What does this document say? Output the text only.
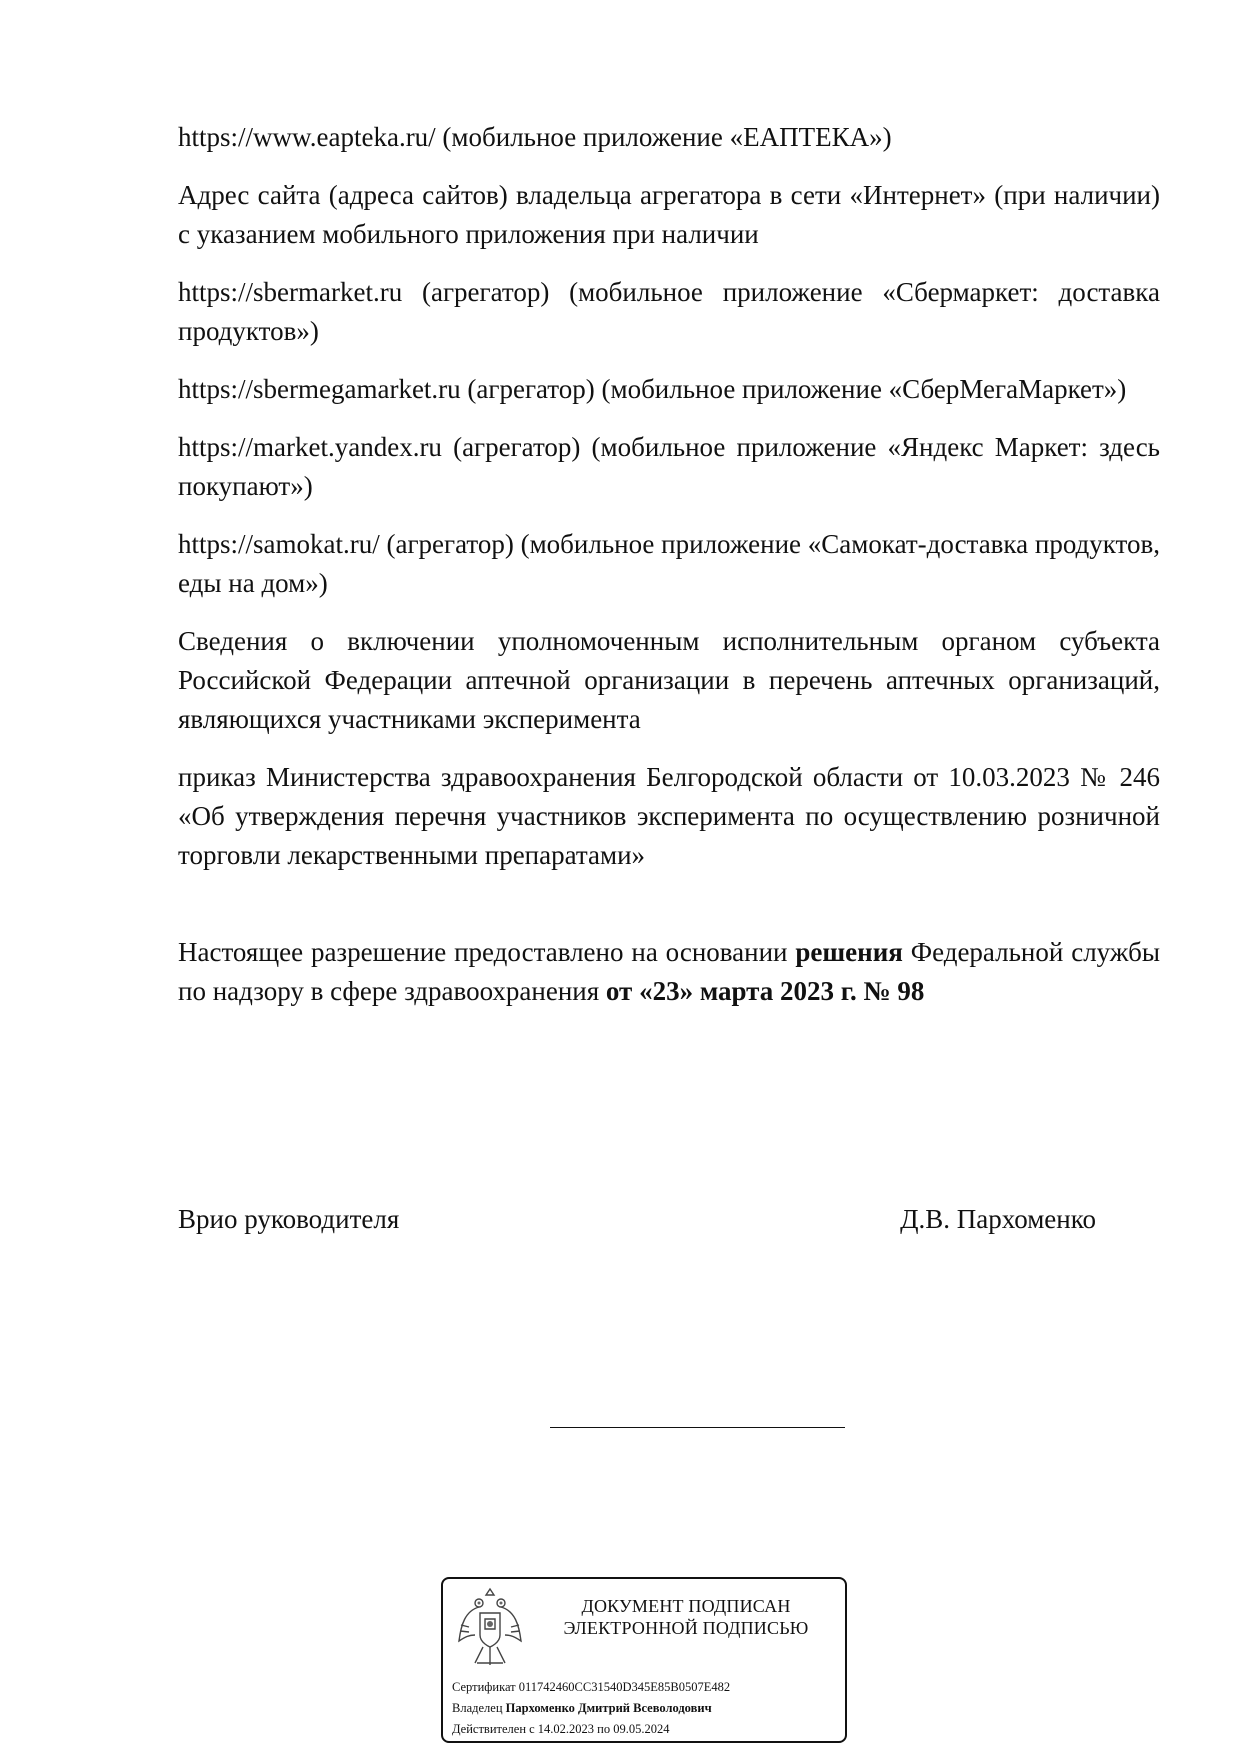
https://www.eapteka.ru/ (мобильное приложение «ЕАПТЕКА»)

Адрес сайта (адреса сайтов) владельца агрегатора в сети «Интернет» (при наличии) с указанием мобильного приложения при наличии

https://sbermarket.ru (агрегатор) (мобильное приложение «Сбермаркет: доставка продуктов»)

https://sbermegamarket.ru (агрегатор) (мобильное приложение «СберМегаМаркет»)

https://market.yandex.ru (агрегатор) (мобильное приложение «Яндекс Маркет: здесь покупают»)

https://samokat.ru/ (агрегатор) (мобильное приложение «Самокат-доставка продуктов, еды на дом»)

Сведения о включении уполномоченным исполнительным органом субъекта Российской Федерации аптечной организации в перечень аптечных организаций, являющихся участниками эксперимента

приказ Министерства здравоохранения Белгородской области от 10.03.2023 № 246 «Об утверждения перечня участников эксперимента по осуществлению розничной торговли лекарственными препаратами»

Настоящее разрешение предоставлено на основании решения Федеральной службы по надзору в сфере здравоохранения от «23» марта 2023 г. № 98

Врио руководителя	Д.В. Пархоменко
ДОКУМЕНТ ПОДПИСАН
ЭЛЕКТРОННОЙ ПОДПИСЬЮ
Сертификат 011742460CC31540D345E85B0507E482
Владелец Пархоменко Дмитрий Всеволодович
Действителен с 14.02.2023 по 09.05.2024
